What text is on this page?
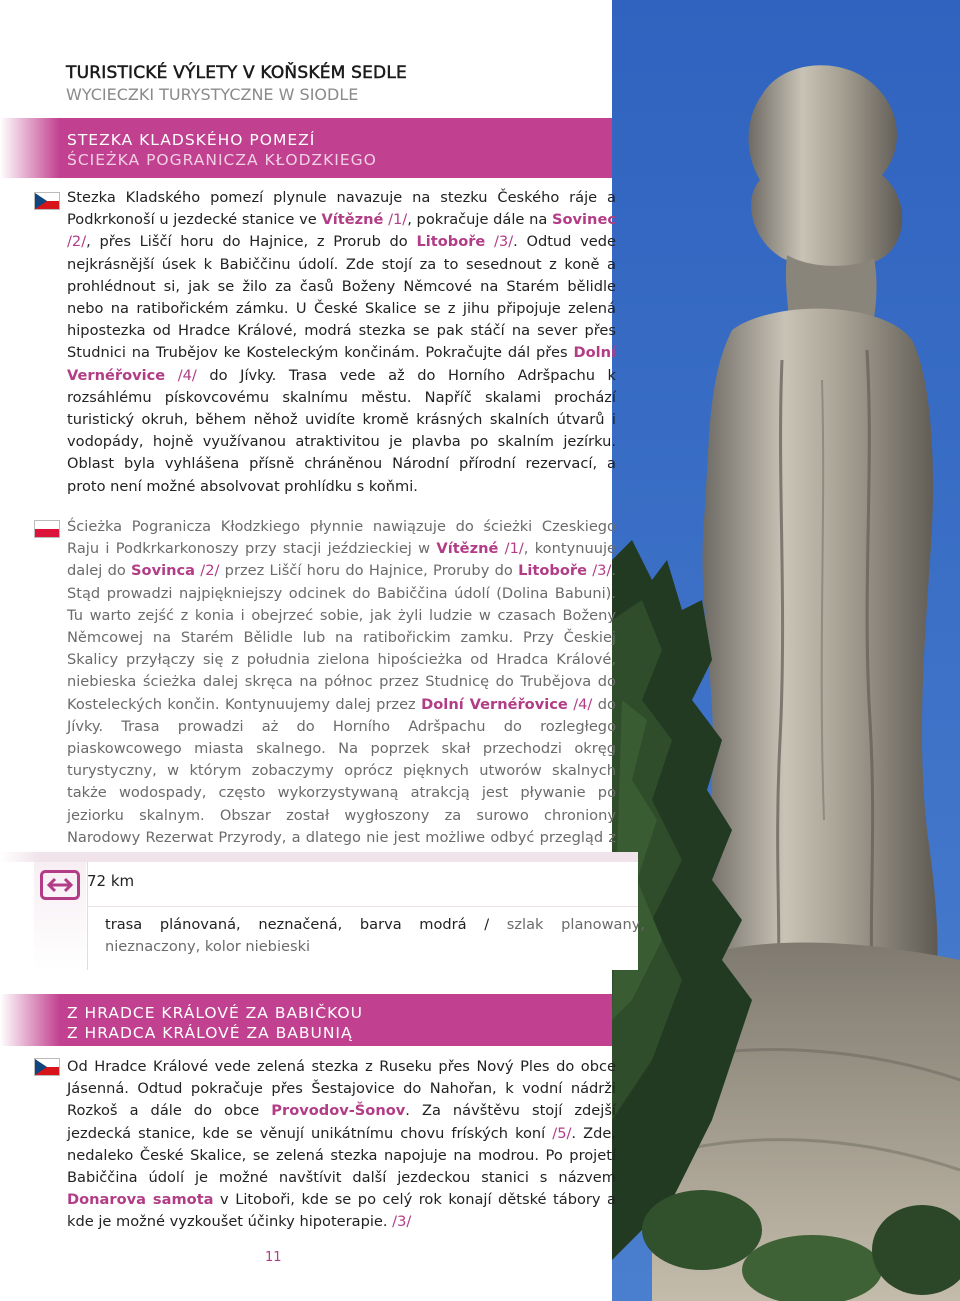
TURISTICKÉ VÝLETY V KOŇSKÉM SEDLE
WYCIECZKI TURYSTYCZNE W SIODLE
STEZKA KLADSKÉHO POMEZÍ
ŚCIEŻKA POGRANICZA KŁODZKIEGO
Stezka Kladského pomezí plynule navazuje na stezku Českého ráje a Podkrkonoší u jezdecké stanice ve Vítězné /1/, pokračuje dále na Sovinec /2/, přes Liščí horu do Hajnice, z Prorub do Litoboře /3/. Odtud vede nejkrásnější úsek k Babiččinu údolí. Zde stojí za to sesednout z koně a prohlédnout si, jak se žilo za časů Boženy Němcové na Starém bělidle nebo na ratibořickém zámku. U České Skalice se z jihu připojuje zelená hipostezka od Hradce Králové, modrá stezka se pak stáčí na sever přes Studnici na Trubějov ke Kosteleckým končinám. Pokračujte dál přes Dolní Vernéřovice /4/ do Jívky. Trasa vede až do Horního Adršpachu k rozsáhlému pískovcovému skalnímu městu. Napříč skalami prochází turistický okruh, během něhož uvidíte kromě krásných skalních útvarů i vodopády, hojně využívanou atraktivitou je plavba po skalním jezírku. Oblast byla vyhlášena přísně chráněnou Národní přírodní rezervací, a proto není možné absolvovat prohlídku s koňmi.
Ścieżka Pogranicza Kłodzkiego płynnie nawiązuje do ścieżki Czeskiego Raju i Podkrkarkonoszy przy stacji jeździeckiej w Vítězné /1/, kontynuuje dalej do Sovinca /2/ przez Liščí horu do Hajnice, Proruby do Litoboře /3/. Stąd prowadzi najpiękniejszy odcinek do Babiččina údolí (Dolina Babuni). Tu warto zejść z konia i obejrzeć sobie, jak żyli ludzie w czasach Boženy Němcowej na Starém Bělidle lub na ratibořickim zamku. Przy Českiej Skalicy przyłączy się z południa zielona hipościeżka od Hradca Králové, niebieska ścieżka dalej skręca na północ przez Studnicę do Trubějova do Kosteleckých končin. Kontynuujemy dalej przez Dolní Vernéřovice /4/ do Jívky. Trasa prowadzi aż do Horního Adršpachu do rozległego piaskowcowego miasta skalnego. Na poprzek skał przechodzi okręg turystyczny, w którym zobaczymy oprócz pięknych utworów skalnych także wodospady, często wykorzystywaną atrakcją jest pływanie po jeziorku skalnym. Obszar został wygłoszony za surowo chroniony Narodowy Rezerwat Przyrody, a dlatego nie jest możliwe odbyć przegląd z
72 km
trasa plánovaná, neznačená, barva modrá / szlak planowany, nieznaczony, kolor niebieski
Z HRADCE KRÁLOVÉ ZA BABIČKOU
Z HRADCA KRÁLOVÉ ZA BABUNIĄ
Od Hradce Králové vede zelená stezka z Ruseku přes Nový Ples do obce Jásenná. Odtud pokračuje přes Šestajovice do Nahořan, k vodní nádrži Rozkoš a dále do obce Provodov-Šonov. Za návštěvu stojí zdejší jezdecká stanice, kde se věnují unikátnímu chovu fríských koní /5/. Zde, nedaleko České Skalice, se zelená stezka napojuje na modrou. Po projetí Babiččina údolí je možné navštívit další jezdeckou stanici s názvem Donarova samota v Litoboři, kde se po celý rok konají dětské tábory a kde je možné vyzkoušet účinky hipoterapie. /3/
11
